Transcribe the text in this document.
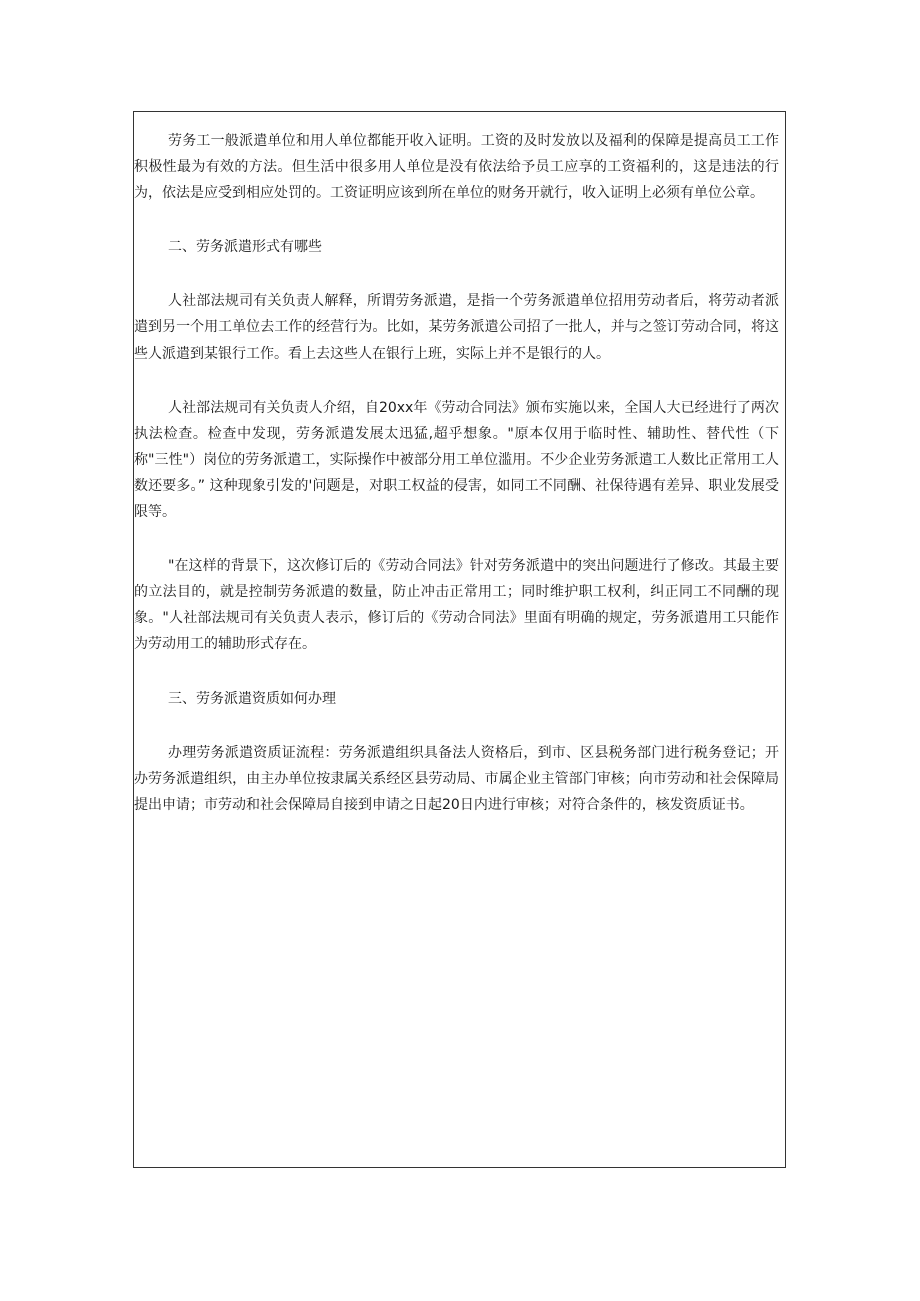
劳务工一般派遣单位和用人单位都能开收入证明。工资的及时发放以及福利的保障是提高员工工作积极性最为有效的方法。但生活中很多用人单位是没有依法给予员工应享的工资福利的，这是违法的行为，依法是应受到相应处罚的。工资证明应该到所在单位的财务开就行，收入证明上必须有单位公章。

二、劳务派遣形式有哪些

人社部法规司有关负责人解释，所谓劳务派遣，是指一个劳务派遣单位招用劳动者后，将劳动者派遣到另一个用工单位去工作的经营行为。比如，某劳务派遣公司招了一批人，并与之签订劳动合同，将这些人派遣到某银行工作。看上去这些人在银行上班，实际上并不是银行的人。

人社部法规司有关负责人介绍，自20xx年《劳动合同法》颁布实施以来，全国人大已经进行了两次执法检查。检查中发现，劳务派遣发展太迅猛,超乎想象。"原本仅用于临时性、辅助性、替代性（下称"三性"）岗位的劳务派遣工，实际操作中被部分用工单位滥用。不少企业劳务派遣工人数比正常用工人数还要多。” 这种现象引发的'问题是，对职工权益的侵害，如同工不同酬、社保待遇有差异、职业发展受限等。

"在这样的背景下，这次修订后的《劳动合同法》针对劳务派遣中的突出问题进行了修改。其最主要的立法目的，就是控制劳务派遣的数量，防止冲击正常用工；同时维护职工权利，纠正同工不同酬的现象。"人社部法规司有关负责人表示，修订后的《劳动合同法》里面有明确的规定，劳务派遣用工只能作为劳动用工的辅助形式存在。

三、劳务派遣资质如何办理

办理劳务派遣资质证流程：劳务派遣组织具备法人资格后，到市、区县税务部门进行税务登记；开办劳务派遣组织，由主办单位按隶属关系经区县劳动局、市属企业主管部门审核；向市劳动和社会保障局提出申请；市劳动和社会保障局自接到申请之日起20日内进行审核；对符合条件的，核发资质证书。
